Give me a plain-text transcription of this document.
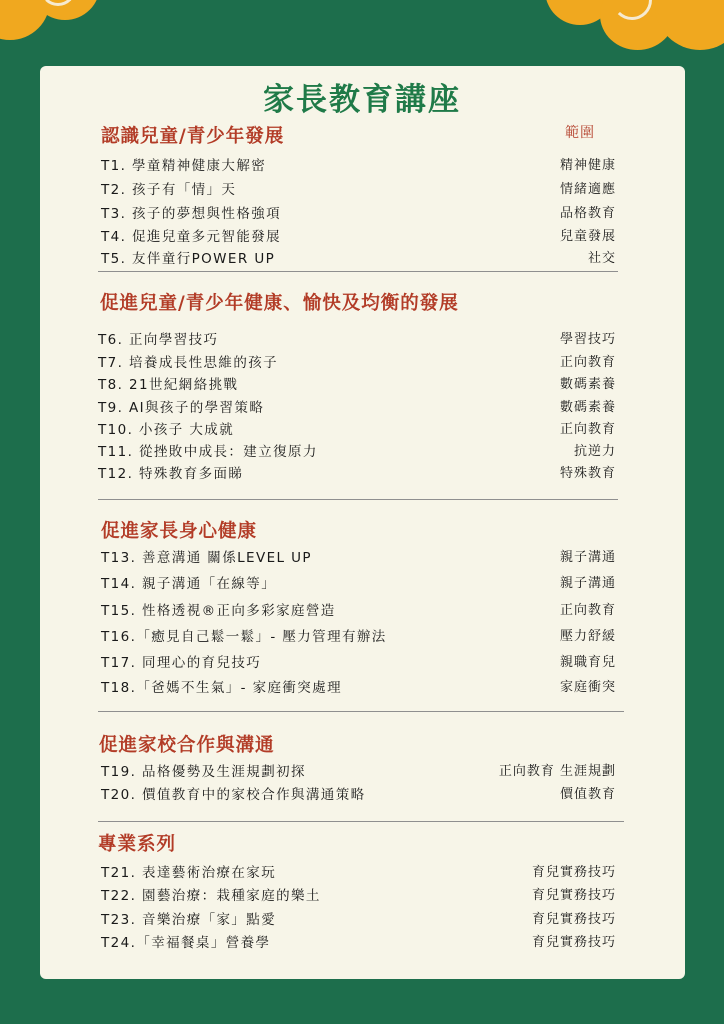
家長教育講座
範圍
認識兒童/青少年發展
T1. 學童精神健康大解密	精神健康
T2. 孩子有「情」天	情緒適應
T3. 孩子的夢想與性格強項	品格教育
T4. 促進兒童多元智能發展	兒童發展
T5. 友伴童行POWER UP	社交
促進兒童/青少年健康、愉快及均衡的發展
T6. 正向學習技巧	學習技巧
T7. 培養成長性思維的孩子	正向教育
T8. 21世紀網絡挑戰	數碼素養
T9. AI與孩子的學習策略	數碼素養
T10. 小孩子 大成就	正向教育
T11. 從挫敗中成長：建立復原力	抗逆力
T12. 特殊教育多面睇	特殊教育
促進家長身心健康
T13. 善意溝通 關係LEVEL UP	親子溝通
T14. 親子溝通「在線等」	親子溝通
T15. 性格透視®正向多彩家庭營造	正向教育
T16.「癒見自己鬆一鬆」- 壓力管理有辦法	壓力舒緩
T17. 同理心的育兒技巧	親職育兒
T18.「爸媽不生氣」- 家庭衝突處理	家庭衝突
促進家校合作與溝通
T19. 品格優勢及生涯規劃初探	正向教育 生涯規劃
T20. 價值教育中的家校合作與溝通策略	價值教育
專業系列
T21. 表達藝術治療在家玩	育兒實務技巧
T22. 園藝治療：栽種家庭的樂土	育兒實務技巧
T23. 音樂治療「家」點愛	育兒實務技巧
T24.「幸福餐桌」營養學	育兒實務技巧
